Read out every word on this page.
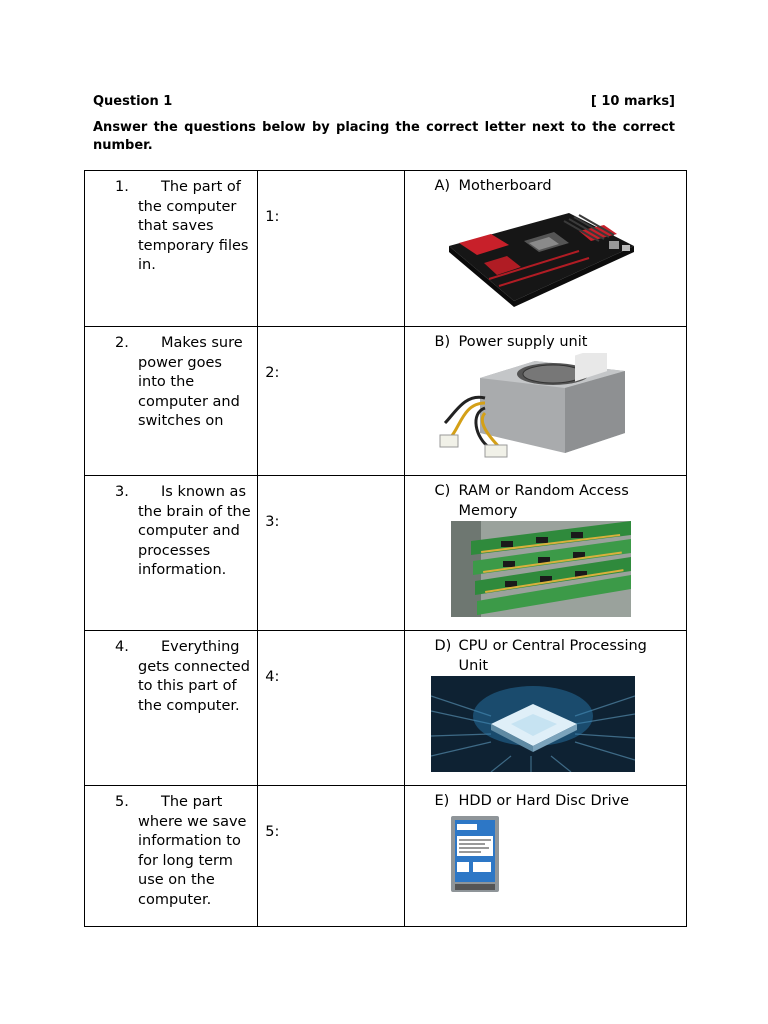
Question 1	[ 10 marks]
Answer the questions below by placing the correct letter next to the correct number.
1. The part of the computer that saves temporary files in.	1:	A) Motherboard

2. Makes sure power goes into the computer and switches on	2:	B) Power supply unit

3. Is known as the brain of the computer and processes information.	3:	C) RAM or Random Access Memory

4. Everything gets connected to this part of the computer.	4:	D) CPU or Central Processing Unit

5. The part where we save information to for long term use on the computer.	5:	E) HDD or Hard Disc Drive
